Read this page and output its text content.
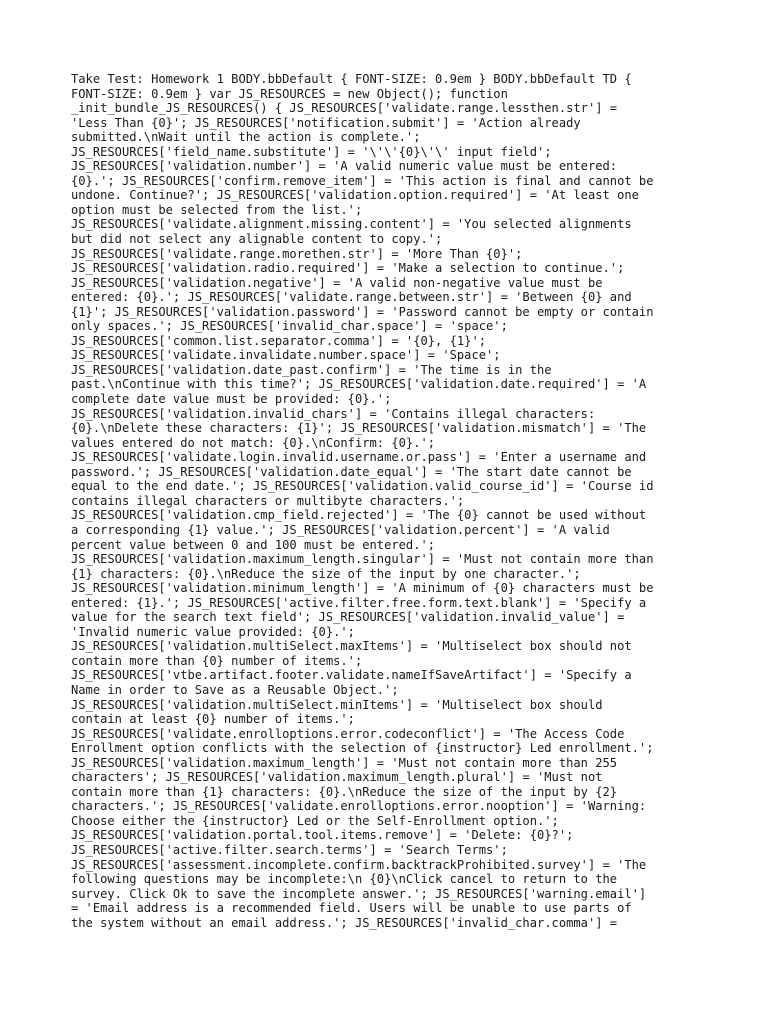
Take Test: Homework 1 BODY.bbDefault { FONT-SIZE: 0.9em } BODY.bbDefault TD {
FONT-SIZE: 0.9em } var JS_RESOURCES = new Object(); function
_init_bundle_JS_RESOURCES() { JS_RESOURCES['validate.range.lessthen.str'] =
'Less Than {0}'; JS_RESOURCES['notification.submit'] = 'Action already
submitted.\nWait until the action is complete.';
JS_RESOURCES['field_name.substitute'] = '\'\'{0}\'\' input field';
JS_RESOURCES['validation.number'] = 'A valid numeric value must be entered:
{0}.'; JS_RESOURCES['confirm.remove_item'] = 'This action is final and cannot be
undone. Continue?'; JS_RESOURCES['validation.option.required'] = 'At least one
option must be selected from the list.';
JS_RESOURCES['validate.alignment.missing.content'] = 'You selected alignments
but did not select any alignable content to copy.';
JS_RESOURCES['validate.range.morethen.str'] = 'More Than {0}';
JS_RESOURCES['validation.radio.required'] = 'Make a selection to continue.';
JS_RESOURCES['validation.negative'] = 'A valid non-negative value must be
entered: {0}.'; JS_RESOURCES['validate.range.between.str'] = 'Between {0} and
{1}'; JS_RESOURCES['validation.password'] = 'Password cannot be empty or contain
only spaces.'; JS_RESOURCES['invalid_char.space'] = 'space';
JS_RESOURCES['common.list.separator.comma'] = '{0}, {1}';
JS_RESOURCES['validate.invalidate.number.space'] = 'Space';
JS_RESOURCES['validation.date_past.confirm'] = 'The time is in the
past.\nContinue with this time?'; JS_RESOURCES['validation.date.required'] = 'A
complete date value must be provided: {0}.';
JS_RESOURCES['validation.invalid_chars'] = 'Contains illegal characters:
{0}.\nDelete these characters: {1}'; JS_RESOURCES['validation.mismatch'] = 'The
values entered do not match: {0}.\nConfirm: {0}.';
JS_RESOURCES['validate.login.invalid.username.or.pass'] = 'Enter a username and
password.'; JS_RESOURCES['validation.date_equal'] = 'The start date cannot be
equal to the end date.'; JS_RESOURCES['validation.valid_course_id'] = 'Course id
contains illegal characters or multibyte characters.';
JS_RESOURCES['validation.cmp_field.rejected'] = 'The {0} cannot be used without
a corresponding {1} value.'; JS_RESOURCES['validation.percent'] = 'A valid
percent value between 0 and 100 must be entered.';
JS_RESOURCES['validation.maximum_length.singular'] = 'Must not contain more than
{1} characters: {0}.\nReduce the size of the input by one character.';
JS_RESOURCES['validation.minimum_length'] = 'A minimum of {0} characters must be
entered: {1}.'; JS_RESOURCES['active.filter.free.form.text.blank'] = 'Specify a
value for the search text field'; JS_RESOURCES['validation.invalid_value'] =
'Invalid numeric value provided: {0}.';
JS_RESOURCES['validation.multiSelect.maxItems'] = 'Multiselect box should not
contain more than {0} number of items.';
JS_RESOURCES['vtbe.artifact.footer.validate.nameIfSaveArtifact'] = 'Specify a
Name in order to Save as a Reusable Object.';
JS_RESOURCES['validation.multiSelect.minItems'] = 'Multiselect box should
contain at least {0} number of items.';
JS_RESOURCES['validate.enrolloptions.error.codeconflict'] = 'The Access Code
Enrollment option conflicts with the selection of {instructor} Led enrollment.';
JS_RESOURCES['validation.maximum_length'] = 'Must not contain more than 255
characters'; JS_RESOURCES['validation.maximum_length.plural'] = 'Must not
contain more than {1} characters: {0}.\nReduce the size of the input by {2}
characters.'; JS_RESOURCES['validate.enrolloptions.error.nooption'] = 'Warning:
Choose either the {instructor} Led or the Self-Enrollment option.';
JS_RESOURCES['validation.portal.tool.items.remove'] = 'Delete: {0}?';
JS_RESOURCES['active.filter.search.terms'] = 'Search Terms';
JS_RESOURCES['assessment.incomplete.confirm.backtrackProhibited.survey'] = 'The
following questions may be incomplete:\n {0}\nClick cancel to return to the
survey. Click Ok to save the incomplete answer.'; JS_RESOURCES['warning.email']
= 'Email address is a recommended field. Users will be unable to use parts of
the system without an email address.'; JS_RESOURCES['invalid_char.comma'] =
